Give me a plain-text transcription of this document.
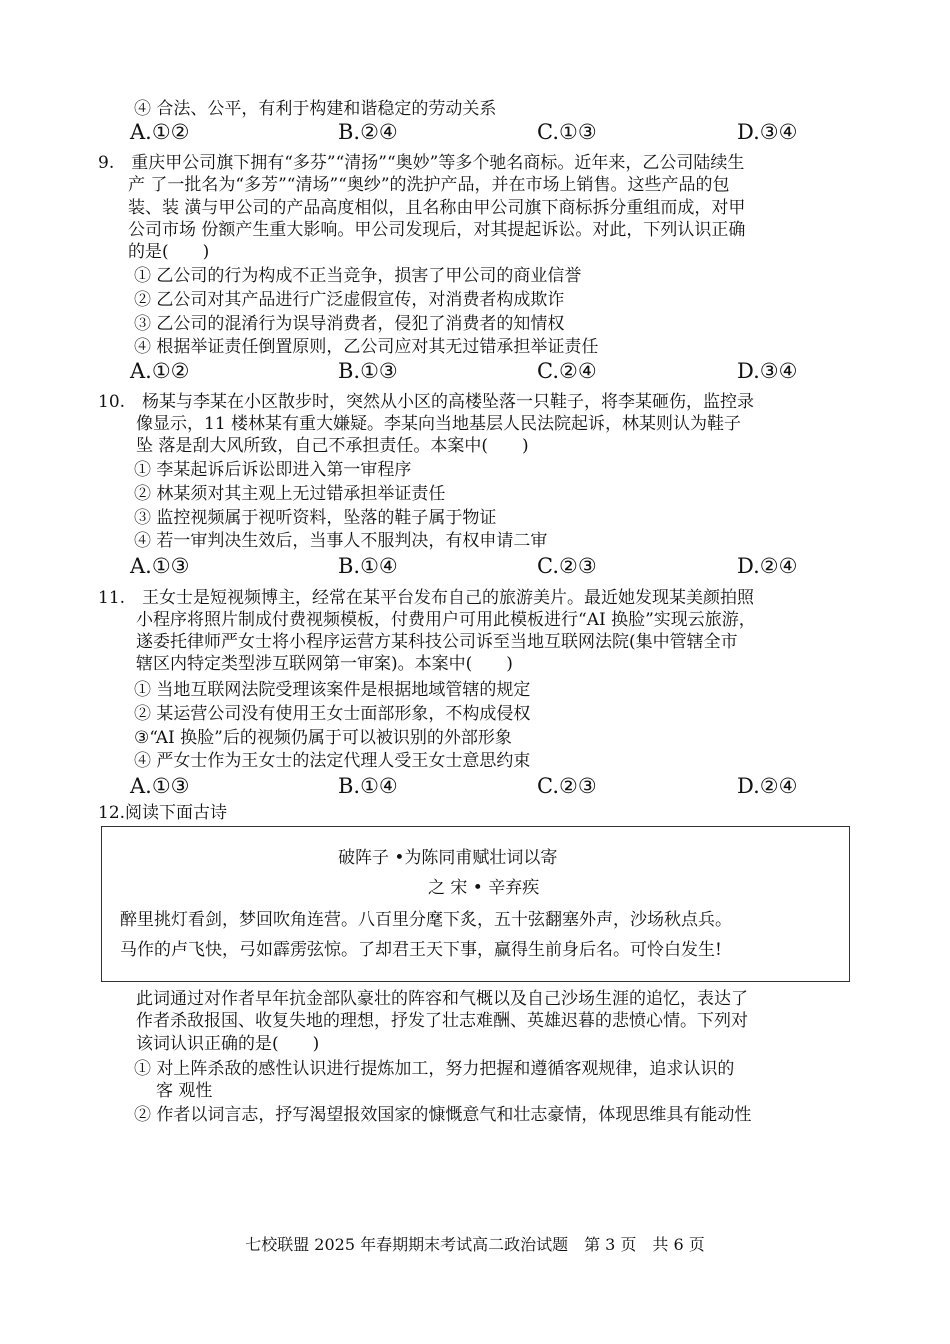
④ 合法、公平，有利于构建和谐稳定的劳动关系
A.①②	B.②④	C.①③	D.③④
9.　重庆甲公司旗下拥有“多芬”“清扬”“奥妙”等多个驰名商标。近年来，乙公司陆续生
产 了一批名为“多芳”“清场”“奥纱”的洗护产品，并在市场上销售。这些产品的包
装、装 潢与甲公司的产品高度相似，且名称由甲公司旗下商标拆分重组而成，对甲
公司市场 份额产生重大影响。甲公司发现后，对其提起诉讼。对此，下列认识正确
的是(　　)
① 乙公司的行为构成不正当竞争，损害了甲公司的商业信誉
② 乙公司对其产品进行广泛虚假宣传，对消费者构成欺诈
③ 乙公司的混淆行为误导消费者，侵犯了消费者的知情权
④ 根据举证责任倒置原则，乙公司应对其无过错承担举证责任
A.①②	B.①③	C.②④	D.③④
10.　杨某与李某在小区散步时，突然从小区的高楼坠落一只鞋子，将李某砸伤，监控录
像显示，11 楼林某有重大嫌疑。李某向当地基层人民法院起诉，林某则认为鞋子
坠 落是刮大风所致，自己不承担责任。本案中(　　)
① 李某起诉后诉讼即进入第一审程序
② 林某须对其主观上无过错承担举证责任
③ 监控视频属于视听资料，坠落的鞋子属于物证
④ 若一审判决生效后，当事人不服判决，有权申请二审
A.①③	B.①④	C.②③	D.②④
11.　王女士是短视频博主，经常在某平台发布自己的旅游美片。最近她发现某美颜拍照
小程序将照片制成付费视频模板，付费用户可用此模板进行“AI 换脸”实现云旅游，
遂委托律师严女士将小程序运营方某科技公司诉至当地互联网法院(集中管辖全市
辖区内特定类型涉互联网第一审案)。本案中(　　)
① 当地互联网法院受理该案件是根据地域管辖的规定
② 某运营公司没有使用王女士面部形象，不构成侵权
③“AI 换脸”后的视频仍属于可以被识别的外部形象
④ 严女士作为王女士的法定代理人受王女士意思约束
A.①③	B.①④	C.②③	D.②④
12.阅读下面古诗
破阵子 •为陈同甫赋壮词以寄
之 宋 • 辛弃疾
醉里挑灯看剑，梦回吹角连营。八百里分麾下炙，五十弦翻塞外声，沙场秋点兵。
马作的卢飞快，弓如霹雳弦惊。了却君王天下事，赢得生前身后名。可怜白发生!
此词通过对作者早年抗金部队豪壮的阵容和气概以及自己沙场生涯的追忆，表达了
作者杀敌报国、收复失地的理想，抒发了壮志难酬、英雄迟暮的悲愤心情。下列对
该词认识正确的是(　　)
① 对上阵杀敌的感性认识进行提炼加工，努力把握和遵循客观规律，追求认识的
客 观性
② 作者以词言志，抒写渴望报效国家的慷慨意气和壮志豪情，体现思维具有能动性
七校联盟 2025 年春期期末考试高二政治试题　第 3 页　共 6 页
